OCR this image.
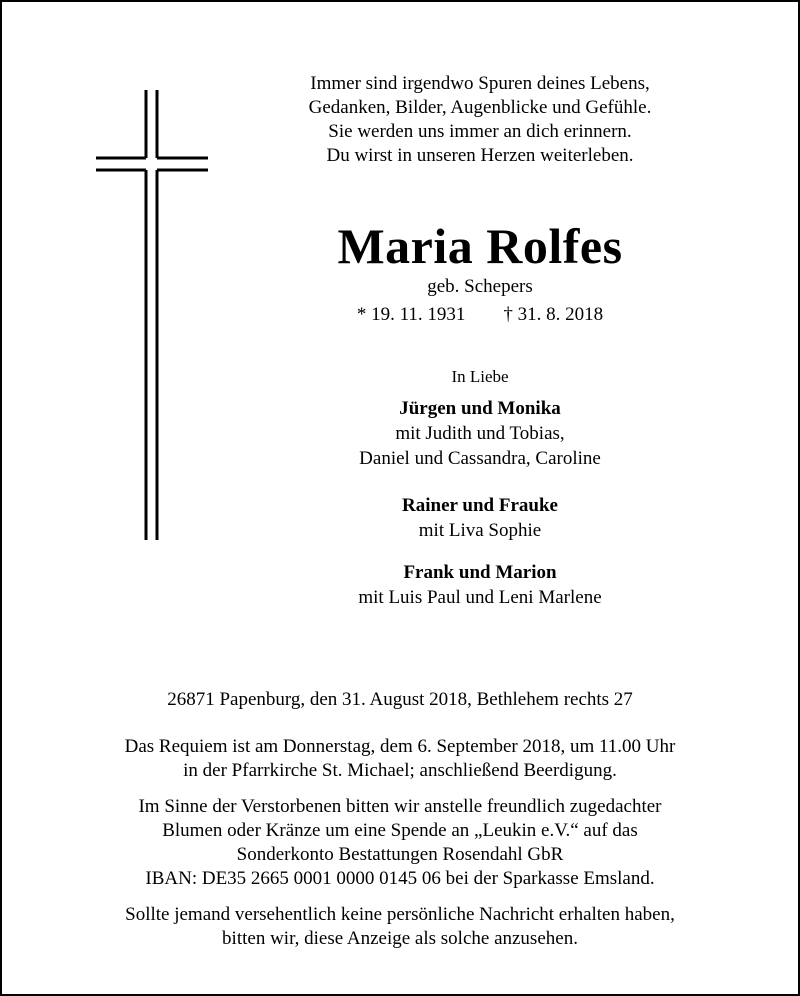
Immer sind irgendwo Spuren deines Lebens,
Gedanken, Bilder, Augenblicke und Gefühle.
Sie werden uns immer an dich erinnern.
Du wirst in unseren Herzen weiterleben.
Maria Rolfes
geb. Schepers
* 19. 11. 1931 † 31. 8. 2018
In Liebe
Jürgen und Monika
mit Judith und Tobias,
Daniel und Cassandra, Caroline
Rainer und Frauke
mit Liva Sophie
Frank und Marion
mit Luis Paul und Leni Marlene
26871 Papenburg, den 31. August 2018, Bethlehem rechts 27
Das Requiem ist am Donnerstag, dem 6. September 2018, um 11.00 Uhr
in der Pfarrkirche St. Michael; anschließend Beerdigung.
Im Sinne der Verstorbenen bitten wir anstelle freundlich zugedachter
Blumen oder Kränze um eine Spende an „Leukin e.V.“ auf das
Sonderkonto Bestattungen Rosendahl GbR
IBAN: DE35 2665 0001 0000 0145 06 bei der Sparkasse Emsland.
Sollte jemand versehentlich keine persönliche Nachricht erhalten haben,
bitten wir, diese Anzeige als solche anzusehen.
